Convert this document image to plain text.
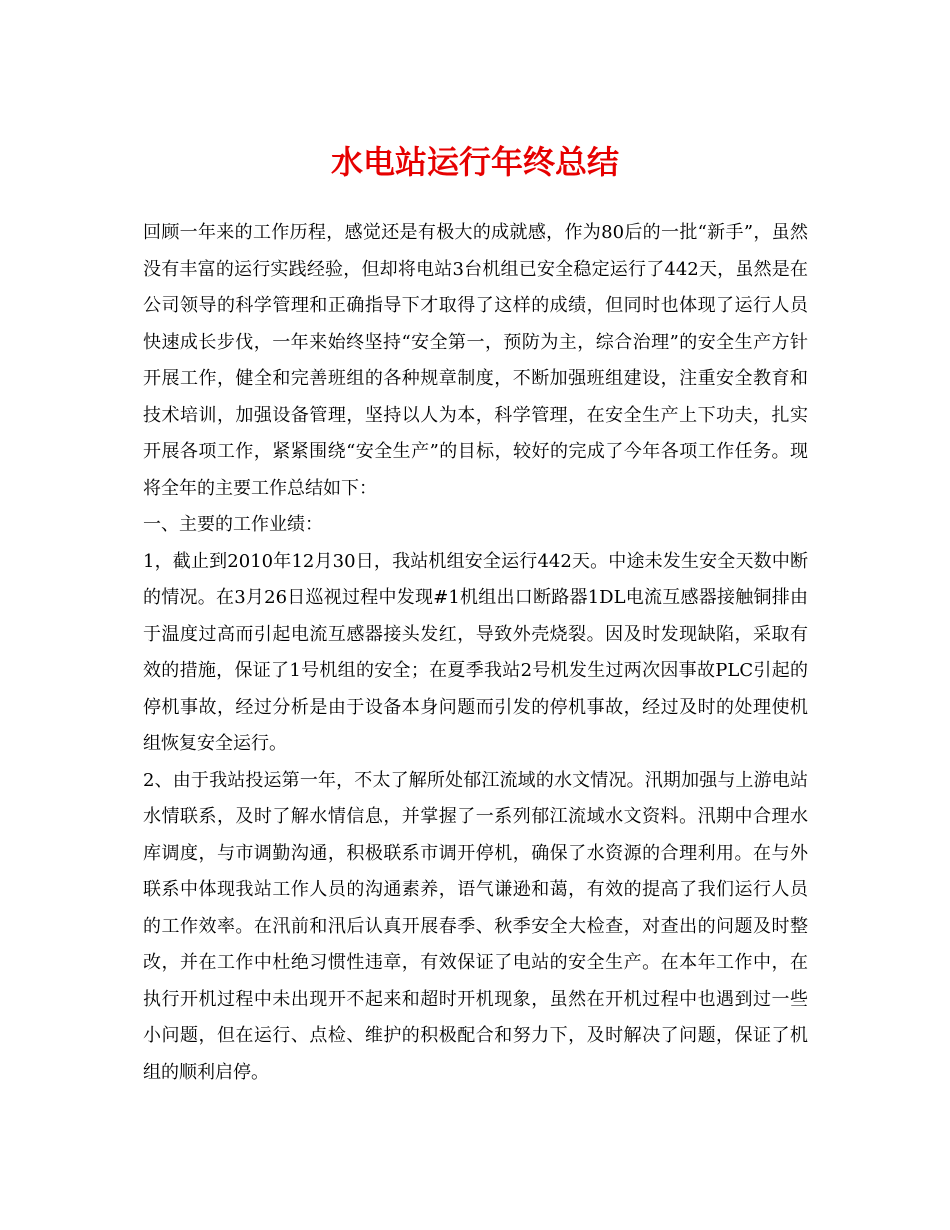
水电站运行年终总结

回顾一年来的工作历程，感觉还是有极大的成就感，作为80后的一批“新手”，虽然没有丰富的运行实践经验，但却将电站3台机组已安全稳定运行了442天，虽然是在公司领导的科学管理和正确指导下才取得了这样的成绩，但同时也体现了运行人员快速成长步伐，一年来始终坚持“安全第一，预防为主，综合治理”的安全生产方针开展工作，健全和完善班组的各种规章制度，不断加强班组建设，注重安全教育和技术培训，加强设备管理，坚持以人为本，科学管理，在安全生产上下功夫，扎实开展各项工作，紧紧围绕“安全生产”的目标，较好的完成了今年各项工作任务。现将全年的主要工作总结如下：

一、主要的工作业绩：

1，截止到2010年12月30日，我站机组安全运行442天。中途未发生安全天数中断的情况。在3月26日巡视过程中发现#1机组出口断路器1DL电流互感器接触铜排由于温度过高而引起电流互感器接头发红，导致外壳烧裂。因及时发现缺陷，采取有效的措施，保证了1号机组的安全；在夏季我站2号机发生过两次因事故PLC引起的停机事故，经过分析是由于设备本身问题而引发的停机事故，经过及时的处理使机组恢复安全运行。

2、由于我站投运第一年，不太了解所处郁江流域的水文情况。汛期加强与上游电站水情联系，及时了解水情信息，并掌握了一系列郁江流域水文资料。汛期中合理水库调度，与市调勤沟通，积极联系市调开停机，确保了水资源的合理利用。在与外联系中体现我站工作人员的沟通素养，语气谦逊和蔼，有效的提高了我们运行人员的工作效率。在汛前和汛后认真开展春季、秋季安全大检查，对查出的问题及时整改，并在工作中杜绝习惯性违章，有效保证了电站的安全生产。在本年工作中，在执行开机过程中未出现开不起来和超时开机现象，虽然在开机过程中也遇到过一些小问题，但在运行、点检、维护的积极配合和努力下，及时解决了问题，保证了机组的顺利启停。
